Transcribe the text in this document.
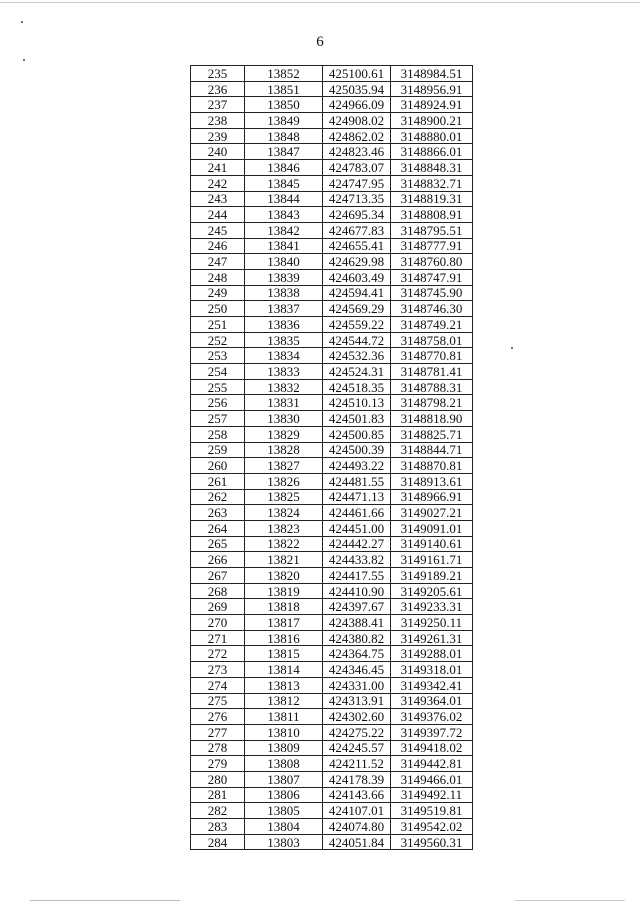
6
235	13852	425100.61	3148984.51
236	13851	425035.94	3148956.91
237	13850	424966.09	3148924.91
238	13849	424908.02	3148900.21
239	13848	424862.02	3148880.01
240	13847	424823.46	3148866.01
241	13846	424783.07	3148848.31
242	13845	424747.95	3148832.71
243	13844	424713.35	3148819.31
244	13843	424695.34	3148808.91
245	13842	424677.83	3148795.51
246	13841	424655.41	3148777.91
247	13840	424629.98	3148760.80
248	13839	424603.49	3148747.91
249	13838	424594.41	3148745.90
250	13837	424569.29	3148746.30
251	13836	424559.22	3148749.21
252	13835	424544.72	3148758.01
253	13834	424532.36	3148770.81
254	13833	424524.31	3148781.41
255	13832	424518.35	3148788.31
256	13831	424510.13	3148798.21
257	13830	424501.83	3148818.90
258	13829	424500.85	3148825.71
259	13828	424500.39	3148844.71
260	13827	424493.22	3148870.81
261	13826	424481.55	3148913.61
262	13825	424471.13	3148966.91
263	13824	424461.66	3149027.21
264	13823	424451.00	3149091.01
265	13822	424442.27	3149140.61
266	13821	424433.82	3149161.71
267	13820	424417.55	3149189.21
268	13819	424410.90	3149205.61
269	13818	424397.67	3149233.31
270	13817	424388.41	3149250.11
271	13816	424380.82	3149261.31
272	13815	424364.75	3149288.01
273	13814	424346.45	3149318.01
274	13813	424331.00	3149342.41
275	13812	424313.91	3149364.01
276	13811	424302.60	3149376.02
277	13810	424275.22	3149397.72
278	13809	424245.57	3149418.02
279	13808	424211.52	3149442.81
280	13807	424178.39	3149466.01
281	13806	424143.66	3149492.11
282	13805	424107.01	3149519.81
283	13804	424074.80	3149542.02
284	13803	424051.84	3149560.31
